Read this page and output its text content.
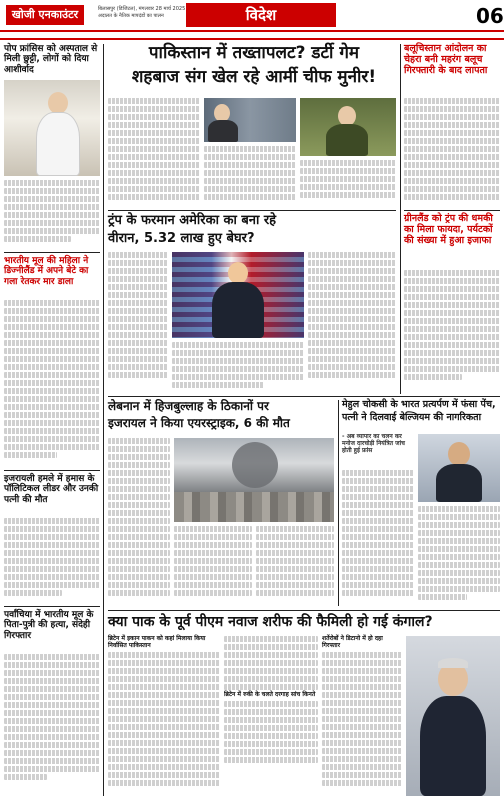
खोजी एनकाउंटर	बिलासपुर (डिजिटल), मंगलवार 28 मार्च 2025
अदालत के नैतिक मापदंडों का पालन	विदेश	06
पोप फ्रांसिस को अस्पताल से मिली छुट्टी, लोगों को दिया आशीर्वाद
भारतीय मूल की महिला ने डिज्नीलैंड में अपने बेटे का गला रेतकर मार डाला
इजरायली हमले में हमास के पॉलिटिकल लीडर और उनकी पत्नी की मौत
पर्वांचिया में भारतीय मूल के पिता-पुत्री की हत्या, संदेही गिरफ्तार
पाकिस्तान में तख्तापलट? डर्टी गेम
शहबाज संग खेल रहे आर्मी चीफ मुनीर!
ट्रंप के फरमान अमेरिका का बना रहे
वीरान, 5.32 लाख हुए बेघर?
बलूचिस्तान आंदोलन का चेहरा बनी महरंग बलूच गिरफ्तारी के बाद लापता
ग्रीनलैंड को ट्रंप की धमकी का मिला फायदा, पर्यटकों की संख्या में हुआ इजाफा
लेबनान में हिजबुल्लाह के ठिकानों पर
इजरायल ने किया एयरस्ट्राइक, 6 की मौत
मेहुल चोकसी के भारत प्रत्यर्पण में फंसा पेंच,
पत्नी ने दिलवाई बेल्जियम की नागरिकता
- अब व्यापार का चलन कर मनोज दारचोड़ी नियंत्रित जांच होती हुई फ्रांस
क्या पाक के पूर्व पीएम नवाज शरीफ की फैमिली हो गई कंगाल?
ब्रिटेन में इकान पाकन को कहां मिलाया किया निर्वासित पाकिस्तान
ब्रिटेन में रुकी के चलते दरगाह सांच किनते
शर्तेरोबों ने डिटानो में हो दहा गिरफ्तार
